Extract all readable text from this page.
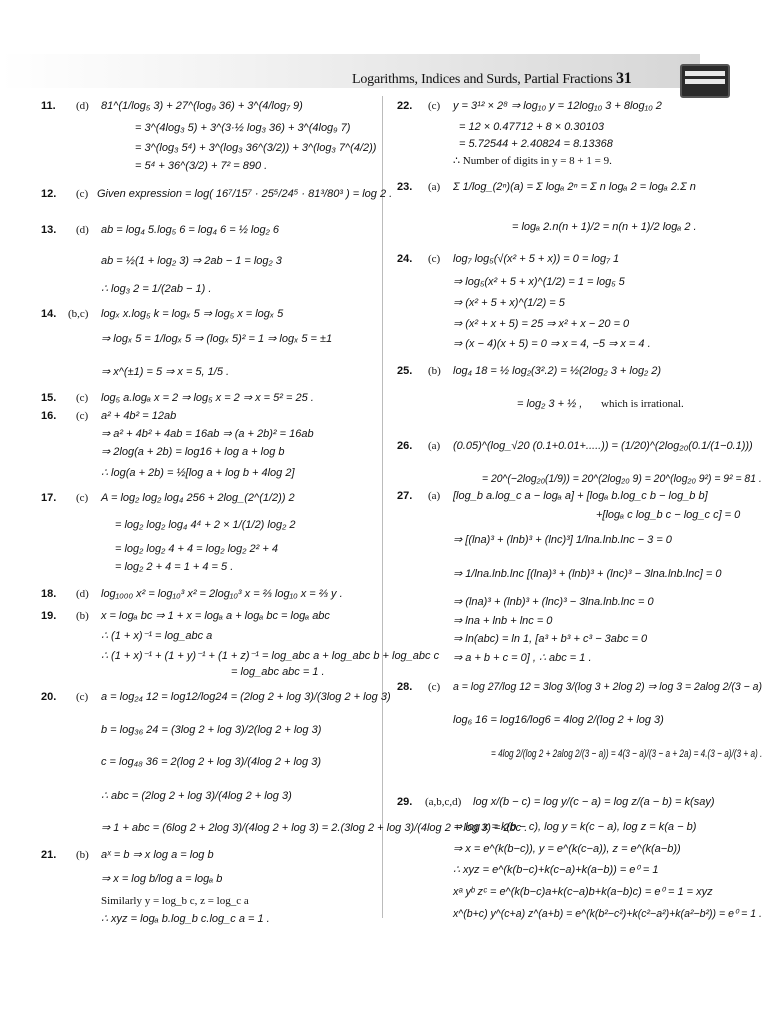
Logarithms, Indices and Surds, Partial Fractions 31
11. (d) 81^(1/log₅ 3) + 27^(log₉ 36) + 3^(4/log₇ 9)
= 3^(4log₃ 5) + 3^(3·½ log₃ 36) + 3^(4log₉ 7)
= 3^(log₃ 5⁴) + 3^(log₃ 36^(3/2)) + 3^(log₃ 7^(4/2))
= 5⁴ + 36^(3/2) + 7² = 890 .
12. (c) Given expression = log( 16⁷/15⁷ · 25⁵/24⁵ · 81³/80³ ) = log 2 .
13. (d) ab = log₄ 5.log₅ 6 = log₄ 6 = ½ log₂ 6
ab = ½(1 + log₂ 3) ⇒ 2ab − 1 = log₂ 3
∴ log₃ 2 = 1/(2ab − 1) .
14. (b,c) logₓ x.log₅ k = logₓ 5 ⇒ log₅ x = logₓ 5
⇒ logₓ 5 = 1/logₓ 5 ⇒ (logₓ 5)² = 1 ⇒ logₓ 5 = ±1
⇒ x^(±1) = 5 ⇒ x = 5, 1/5 .
15. (c) log₅ a.logₐ x = 2 ⇒ log₅ x = 2 ⇒ x = 5² = 25 .
16. (c) a² + 4b² = 12ab
⇒ a² + 4b² + 4ab = 16ab ⇒ (a + 2b)² = 16ab
⇒ 2log(a + 2b) = log16 + log a + log b
∴ log(a + 2b) = ½[log a + log b + 4log 2]
17. (c) A = log₂ log₂ log₄ 256 + 2log_(2^(1/2)) 2
= log₂ log₂ log₄ 4⁴ + 2 × 1/(1/2) log₂ 2
= log₂ log₂ 4 + 4 = log₂ log₂ 2² + 4
= log₂ 2 + 4 = 1 + 4 = 5 .
18. (d) log₁₀₀₀ x² = log₁₀³ x² = 2log₁₀³ x = ⅔ log₁₀ x = ⅔ y .
19. (b) x = logₐ bc ⇒ 1 + x = logₐ a + logₐ bc = logₐ abc
∴ (1 + x)⁻¹ = log_abc a
∴ (1 + x)⁻¹ + (1 + y)⁻¹ + (1 + z)⁻¹ = log_abc a + log_abc b + log_abc c
= log_abc abc = 1 .
20. (c) a = log₂₄ 12 = log12/log24 = (2log 2 + log 3)/(3log 2 + log 3)
b = log₃₆ 24 = (3log 2 + log 3)/2(log 2 + log 3)
c = log₄₈ 36 = 2(log 2 + log 3)/(4log 2 + log 3)
∴ abc = (2log 2 + log 3)/(4log 2 + log 3)
⇒ 1 + abc = (6log 2 + 2log 3)/(4log 2 + log 3) = 2.(3log 2 + log 3)/(4log 2 + log 3) = 2bc .
21. (b) aˣ = b ⇒ x log a = log b
⇒ x = log b/log a = logₐ b
Similarly y = log_b c, z = log_c a
∴ xyz = logₐ b.log_b c.log_c a = 1 .
22. (c) y = 3¹² × 2⁸ ⇒ log₁₀ y = 12log₁₀ 3 + 8log₁₀ 2
= 12 × 0.47712 + 8 × 0.30103
= 5.72544 + 2.40824 = 8.13368
∴ Number of digits in y = 8 + 1 = 9.
23. (a) Σ 1/log_(2ⁿ)(a) = Σ logₐ 2ⁿ = Σ n logₐ 2 = logₐ 2.Σ n
= logₐ 2.n(n + 1)/2 = n(n + 1)/2 logₐ 2 .
24. (c) log₇ log₅(√(x² + 5 + x)) = 0 = log₇ 1
⇒ log₅(x² + 5 + x)^(1/2) = 1 = log₅ 5
⇒ (x² + 5 + x)^(1/2) = 5
⇒ (x² + x + 5) = 25 ⇒ x² + x − 20 = 0
⇒ (x − 4)(x + 5) = 0 ⇒ x = 4, −5 ⇒ x = 4 .
25. (b) log₄ 18 = ½ log₂(3².2) = ½(2log₂ 3 + log₂ 2)
= log₂ 3 + ½ , which is irrational.
26. (a) (0.05)^(log_√20 (0.1+0.01+.....)) = (1/20)^(2log₂₀(0.1/(1−0.1)))
= 20^(−2log₂₀(1/9)) = 20^(2log₂₀ 9) = 20^(log₂₀ 9²) = 9² = 81 .
27. (a) [log_b a.log_c a − logₐ a] + [logₐ b.log_c b − log_b b]
+[logₐ c log_b c − log_c c] = 0
⇒ [(lna)³ + (lnb)³ + (lnc)³] 1/lna.lnb.lnc − 3 = 0
⇒ 1/lna.lnb.lnc [(lna)³ + (lnb)³ + (lnc)³ − 3lna.lnb.lnc] = 0
⇒ (lna)³ + (lnb)³ + (lnc)³ − 3lna.lnb.lnc = 0
⇒ lna + lnb + lnc = 0
⇒ ln(abc) = ln 1, [a³ + b³ + c³ − 3abc = 0
⇒ a + b + c = 0] , ∴ abc = 1 .
28. (c) a = log 27/log 12 = 3log 3/(log 3 + 2log 2) ⇒ log 3 = 2alog 2/(3 − a)
log₆ 16 = log16/log6 = 4log 2/(log 2 + log 3)
= 4log 2/(log 2 + 2alog 2/(3 − a)) = 4(3 − a)/(3 − a + 2a) = 4.(3 − a)/(3 + a) .
29. (a,b,c,d) log x/(b − c) = log y/(c − a) = log z/(a − b) = k(say)
⇒ log x = k(b − c), log y = k(c − a), log z = k(a − b)
⇒ x = e^(k(b−c)), y = e^(k(c−a)), z = e^(k(a−b))
∴ xyz = e^(k(b−c)+k(c−a)+k(a−b)) = e⁰ = 1
xᵃ yᵇ zᶜ = e^(k(b−c)a+k(c−a)b+k(a−b)c) = e⁰ = 1 = xyz
x^(b+c) y^(c+a) z^(a+b) = e^(k(b²−c²)+k(c²−a²)+k(a²−b²)) = e⁰ = 1 .
